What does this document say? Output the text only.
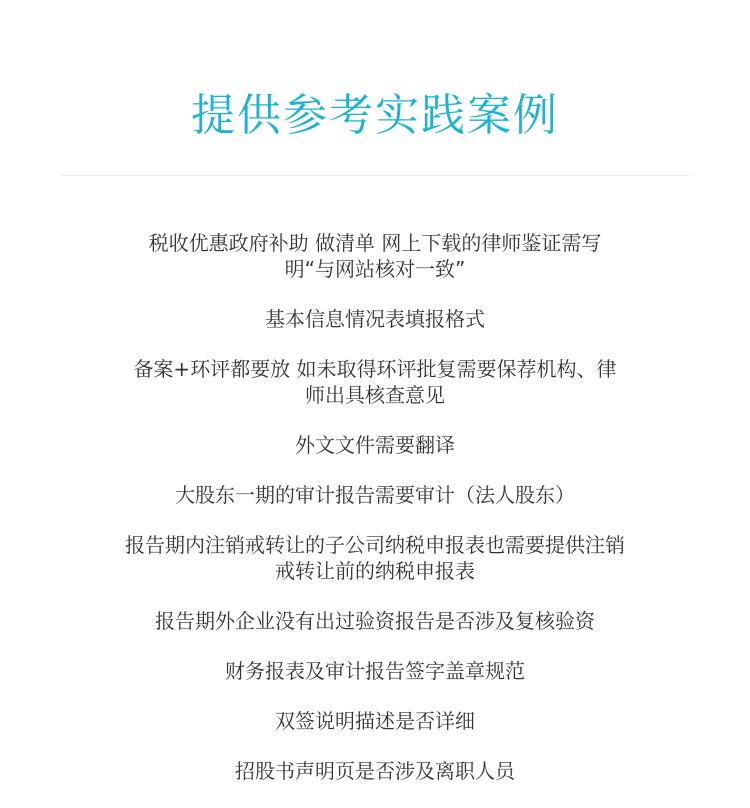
提供参考实践案例
税收优惠政府补助 做清单 网上下载的律师鉴证需写明“与网站核对一致”
基本信息情况表填报格式
备案+环评都要放 如未取得环评批复需要保荐机构、律师出具核查意见
外文文件需要翻译
大股东一期的审计报告需要审计（法人股东）
报告期内注销戒转让的子公司纳税申报表也需要提供注销戒转让前的纳税申报表
报告期外企业没有出过验资报告是否涉及复核验资
财务报表及审计报告签字盖章规范
双签说明描述是否详细
招股书声明页是否涉及离职人员
